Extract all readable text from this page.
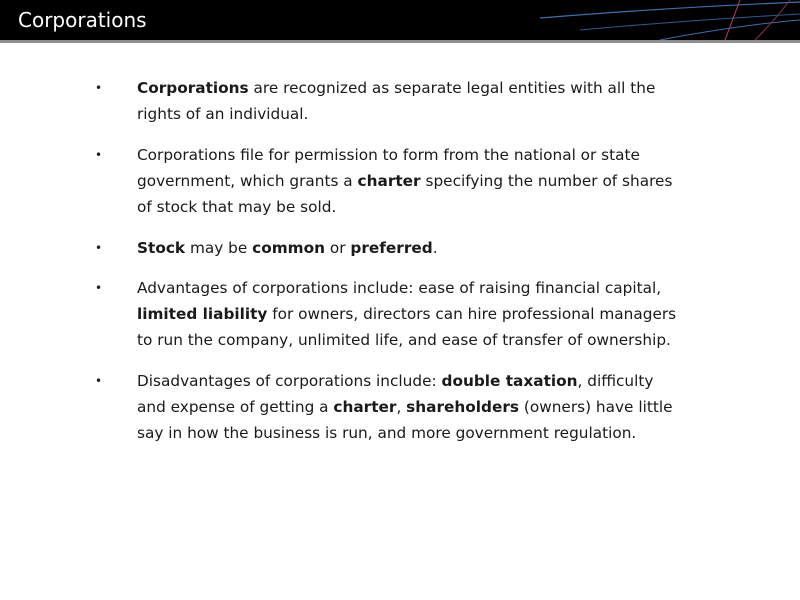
Corporations
• Corporations are recognized as separate legal entities with all the
rights of an individual.
• Corporations file for permission to form from the national or state
government, which grants a charter specifying the number of shares
of stock that may be sold.
• Stock may be common or preferred.
• Advantages of corporations include: ease of raising financial capital,
limited liability for owners, directors can hire professional managers
to run the company, unlimited life, and ease of transfer of ownership.
• Disadvantages of corporations include: double taxation, difficulty
and expense of getting a charter, shareholders (owners) have little
say in how the business is run, and more government regulation.
